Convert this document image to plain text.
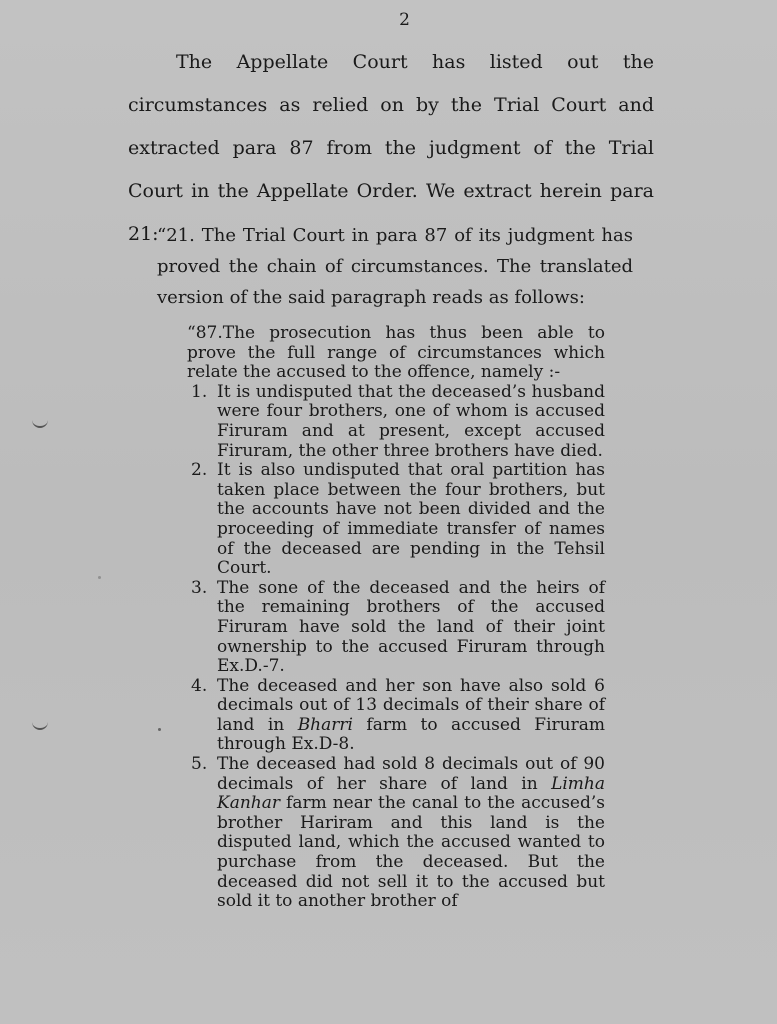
2
The Appellate Court has listed out the circumstances as relied on by the Trial Court and extracted para 87 from the judgment of the Trial Court in the Appellate Order. We extract herein para 21:
“21. The Trial Court in para 87 of its judgment has proved the chain of circumstances. The translated version of the said paragraph reads as follows:
“87.The prosecution has thus been able to prove the full range of circumstances which relate the accused to the offence, namely :-
1. It is undisputed that the deceased’s husband were four brothers, one of whom is accused Firuram and at present, except accused Firuram, the other three brothers have died.
2. It is also undisputed that oral partition has taken place between the four brothers, but the accounts have not been divided and the proceeding of immediate transfer of names of the deceased are pending in the Tehsil Court.
3. The sone of the deceased and the heirs of the remaining brothers of the accused Firuram have sold the land of their joint ownership to the accused Firuram through Ex.D.-7.
4. The deceased and her son have also sold 6 decimals out of 13 decimals of their share of land in Bharri farm to accused Firuram through Ex.D-8.
5. The deceased had sold 8 decimals out of 90 decimals of her share of land in Limha Kanhar farm near the canal to the accused’s brother Hariram and this land is the disputed land, which the accused wanted to purchase from the deceased. But the deceased did not sell it to the accused but sold it to another brother of
